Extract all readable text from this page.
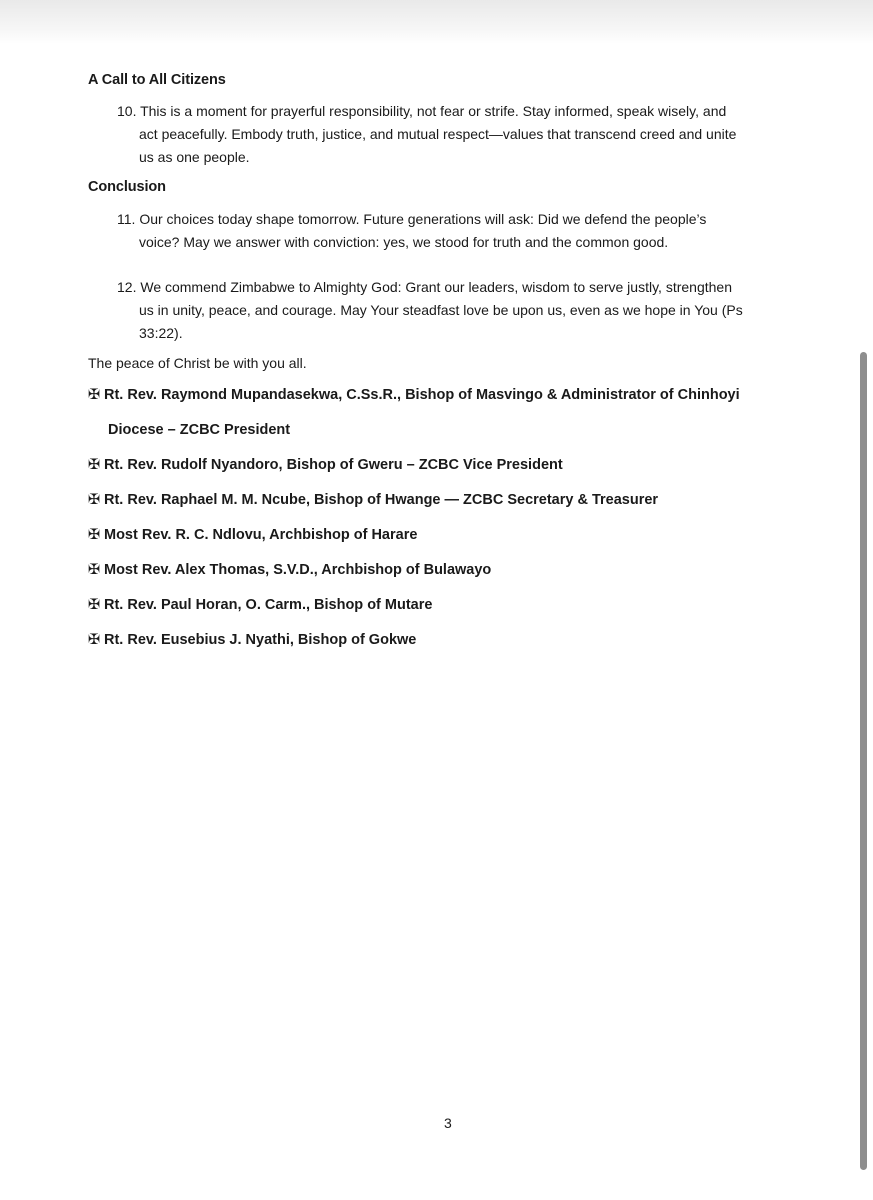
A Call to All Citizens
10. This is a moment for prayerful responsibility, not fear or strife. Stay informed, speak wisely, and
act peacefully. Embody truth, justice, and mutual respect—values that transcend creed and unite
us as one people.
Conclusion
11. Our choices today shape tomorrow. Future generations will ask: Did we defend the people’s
voice? May we answer with conviction: yes, we stood for truth and the common good.
12. We commend Zimbabwe to Almighty God: Grant our leaders, wisdom to serve justly, strengthen
us in unity, peace, and courage. May Your steadfast love be upon us, even as we hope in You (Ps
33:22).
The peace of Christ be with you all.
✠ Rt. Rev. Raymond Mupandasekwa, C.Ss.R., Bishop of Masvingo & Administrator of Chinhoyi
Diocese – ZCBC President
✠ Rt. Rev. Rudolf Nyandoro, Bishop of Gweru – ZCBC Vice President
✠ Rt. Rev. Raphael M. M. Ncube, Bishop of Hwange — ZCBC Secretary & Treasurer
✠ Most Rev. R. C. Ndlovu, Archbishop of Harare
✠ Most Rev. Alex Thomas, S.V.D., Archbishop of Bulawayo
✠ Rt. Rev. Paul Horan, O. Carm., Bishop of Mutare
✠ Rt. Rev. Eusebius J. Nyathi, Bishop of Gokwe
3
